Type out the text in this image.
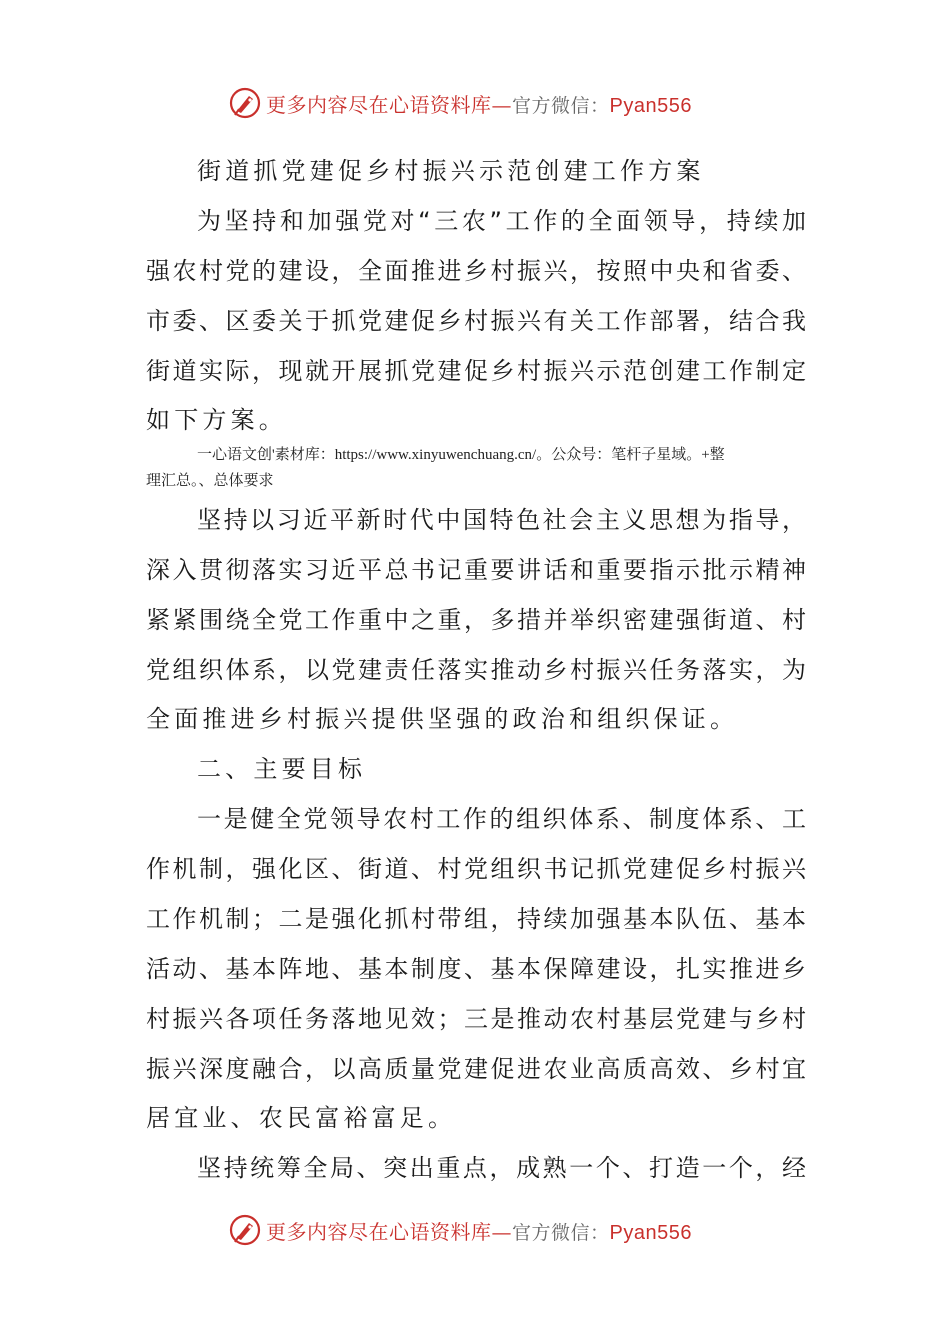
更多内容尽在心语资料库—官方微信：Pyan556
街道抓党建促乡村振兴示范创建工作方案
为坚持和加强党对“三农”工作的全面领导，持续加
强农村党的建设，全面推进乡村振兴，按照中央和省委、
市委、区委关于抓党建促乡村振兴有关工作部署，结合我
街道实际，现就开展抓党建促乡村振兴示范创建工作制定
如下方案。
一心语文创'素材库：https://www.xinyuwenchuang.cn/。公众号：笔杆子星域。+整
理汇总。、总体要求
坚持以习近平新时代中国特色社会主义思想为指导，
深入贯彻落实习近平总书记重要讲话和重要指示批示精神
紧紧围绕全党工作重中之重，多措并举织密建强街道、村
党组织体系，以党建责任落实推动乡村振兴任务落实，为
全面推进乡村振兴提供坚强的政治和组织保证。
二、主要目标
一是健全党领导农村工作的组织体系、制度体系、工
作机制，强化区、街道、村党组织书记抓党建促乡村振兴
工作机制；二是强化抓村带组，持续加强基本队伍、基本
活动、基本阵地、基本制度、基本保障建设，扎实推进乡
村振兴各项任务落地见效；三是推动农村基层党建与乡村
振兴深度融合，以高质量党建促进农业高质高效、乡村宜
居宜业、农民富裕富足。
坚持统筹全局、突出重点，成熟一个、打造一个，经
更多内容尽在心语资料库—官方微信：Pyan556
